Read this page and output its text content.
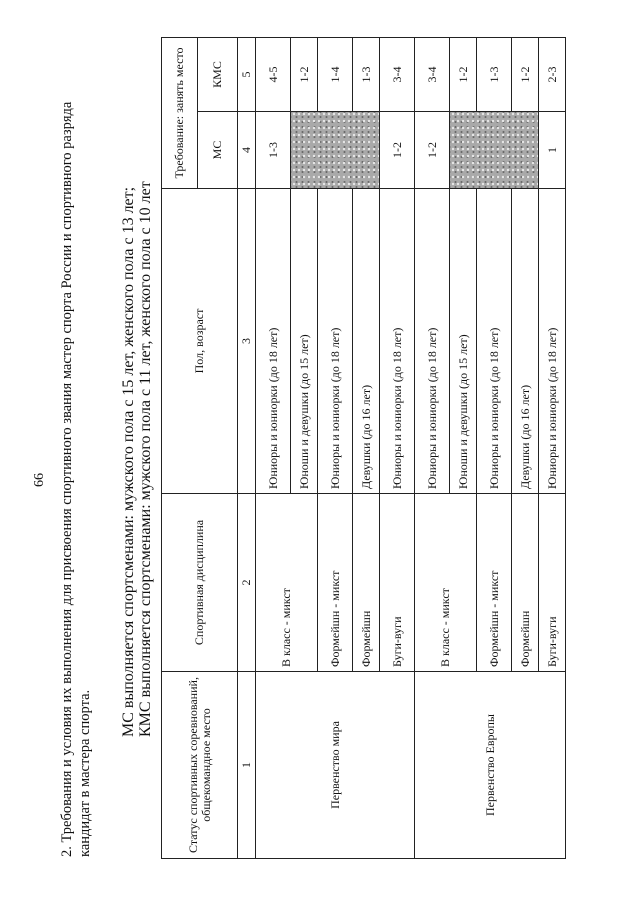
66 2. Требования и условия их выполнения для присвоения спортивного звания мастер спорта России и спортивного разряда кандидат в мастера спорта.
МС выполняется спортсменами: мужского пола с 15 лет, женского пола с 13 лет; КМС выполняется спортсменами: мужского пола с 11 лет, женского пола с 10 лет
Статус спортивных соревнований, общекомандное место	Спортивная дисциплина	Пол, возраст	Требование: занять место	
			МС	КМС
1	2	3	4	5
Первенство мира	В класс - микст	Юниоры и юниорки (до 18 лет)	1-3	4-5
		Юноши и девушки (до 15 лет)		1-2
	Формейшн - микст	Юниоры и юниорки (до 18 лет)		1-4
	Формейшн	Девушки (до 16 лет)		1-3
	Буги-вуги	Юниоры и юниорки (до 18 лет)	1-2	3-4
Первенство Европы	В класс - микст	Юниоры и юниорки (до 18 лет)	1-2	3-4
		Юноши и девушки (до 15 лет)		1-2
	Формейшн - микст	Юниоры и юниорки (до 18 лет)		1-3
	Формейшн	Девушки (до 16 лет)		1-2
	Буги-вуги	Юниоры и юниорки (до 18 лет)	1	2-3
